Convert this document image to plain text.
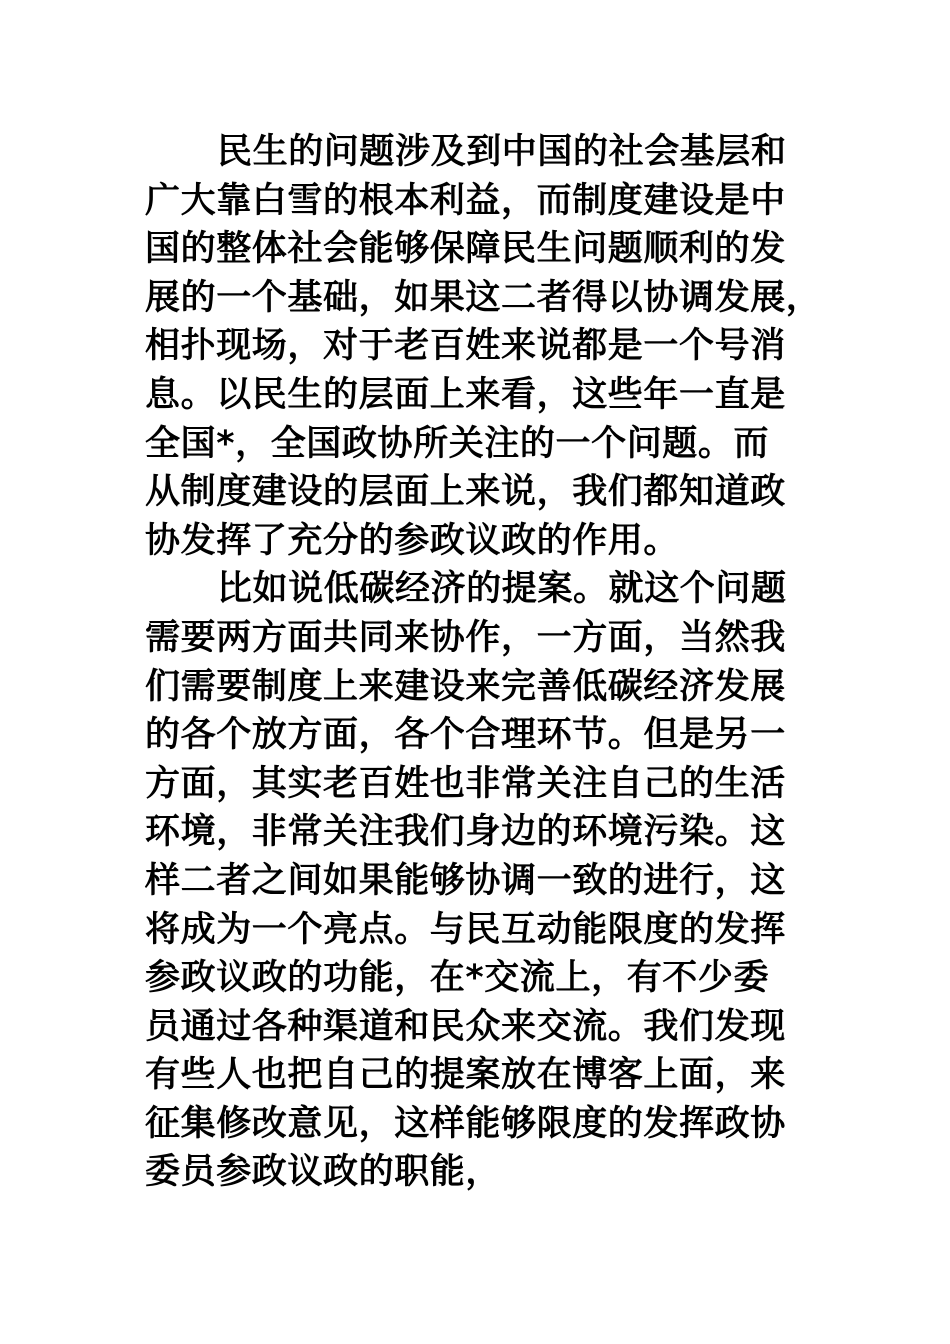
民生的问题涉及到中国的社会基层和
广大靠白雪的根本利益，而制度建设是中
国的整体社会能够保障民生问题顺利的发
展的一个基础，如果这二者得以协调发展，
相扑现场，对于老百姓来说都是一个号消
息。以民生的层面上来看，这些年一直是
全国*，全国政协所关注的一个问题。而
从制度建设的层面上来说，我们都知道政
协发挥了充分的参政议政的作用。
比如说低碳经济的提案。就这个问题
需要两方面共同来协作，一方面，当然我
们需要制度上来建设来完善低碳经济发展
的各个放方面，各个合理环节。但是另一
方面，其实老百姓也非常关注自己的生活
环境，非常关注我们身边的环境污染。这
样二者之间如果能够协调一致的进行，这
将成为一个亮点。与民互动能限度的发挥
参政议政的功能，在*交流上，有不少委
员通过各种渠道和民众来交流。我们发现
有些人也把自己的提案放在博客上面，来
征集修改意见，这样能够限度的发挥政协
委员参政议政的职能，
